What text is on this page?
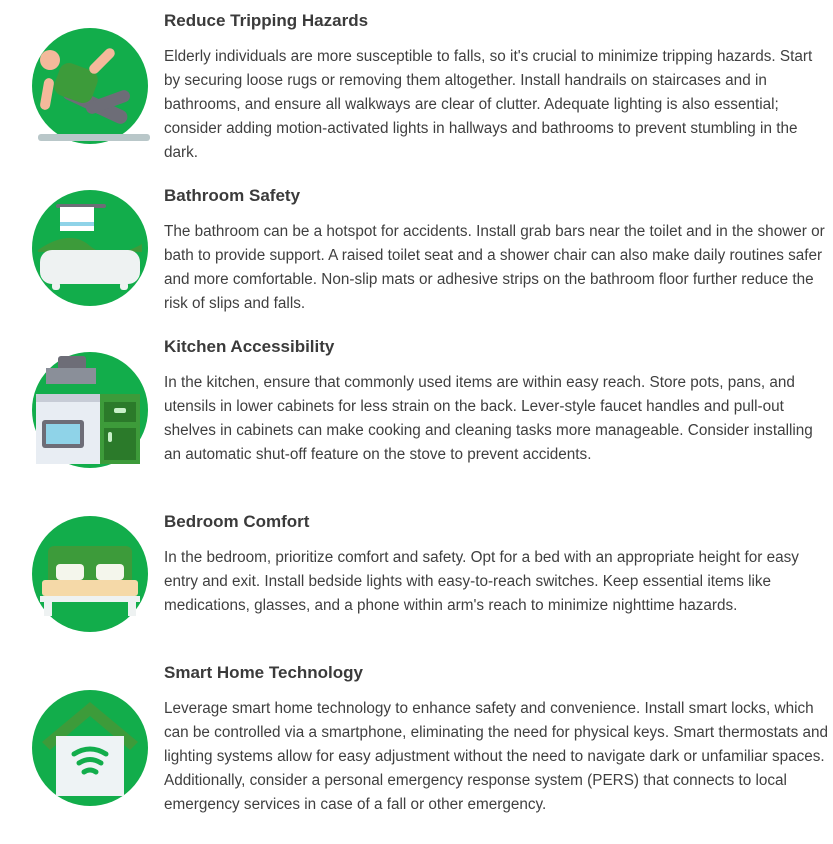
Reduce Tripping Hazards

Elderly individuals are more susceptible to falls, so it's crucial to minimize tripping hazards. Start by securing loose rugs or removing them altogether. Install handrails on staircases and in bathrooms, and ensure all walkways are clear of clutter. Adequate lighting is also essential; consider adding motion-activated lights in hallways and bathrooms to prevent stumbling in the dark.

Bathroom Safety

The bathroom can be a hotspot for accidents. Install grab bars near the toilet and in the shower or bath to provide support. A raised toilet seat and a shower chair can also make daily routines safer and more comfortable. Non-slip mats or adhesive strips on the bathroom floor further reduce the risk of slips and falls.

Kitchen Accessibility

In the kitchen, ensure that commonly used items are within easy reach. Store pots, pans, and utensils in lower cabinets for less strain on the back. Lever-style faucet handles and pull-out shelves in cabinets can make cooking and cleaning tasks more manageable. Consider installing an automatic shut-off feature on the stove to prevent accidents.

Bedroom Comfort

In the bedroom, prioritize comfort and safety. Opt for a bed with an appropriate height for easy entry and exit. Install bedside lights with easy-to-reach switches. Keep essential items like medications, glasses, and a phone within arm's reach to minimize nighttime hazards.

Smart Home Technology

Leverage smart home technology to enhance safety and convenience. Install smart locks, which can be controlled via a smartphone, eliminating the need for physical keys. Smart thermostats and lighting systems allow for easy adjustment without the need to navigate dark or unfamiliar spaces. Additionally, consider a personal emergency response system (PERS) that connects to local emergency services in case of a fall or other emergency.
